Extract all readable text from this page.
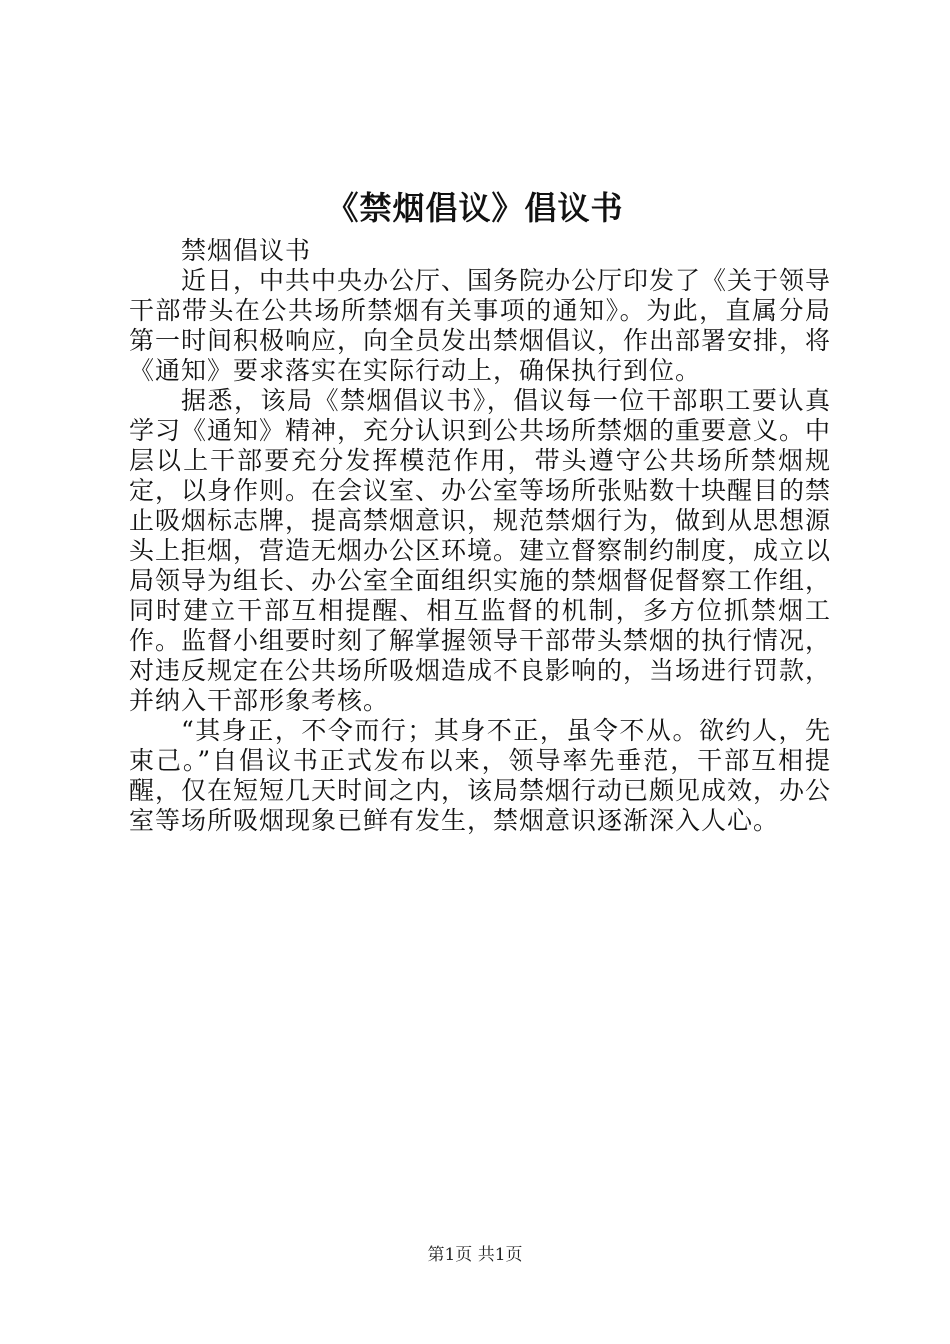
《禁烟倡议》倡议书

禁烟倡议书

近日，中共中央办公厅、国务院办公厅印发了《关于领导干部带头在公共场所禁烟有关事项的通知》。为此，直属分局第一时间积极响应，向全员发出禁烟倡议，作出部署安排，将《通知》要求落实在实际行动上，确保执行到位。

据悉，该局《禁烟倡议书》，倡议每一位干部职工要认真学习《通知》精神，充分认识到公共场所禁烟的重要意义。中层以上干部要充分发挥模范作用，带头遵守公共场所禁烟规定，以身作则。在会议室、办公室等场所张贴数十块醒目的禁止吸烟标志牌，提高禁烟意识，规范禁烟行为，做到从思想源头上拒烟，营造无烟办公区环境。建立督察制约制度，成立以局领导为组长、办公室全面组织实施的禁烟督促督察工作组，同时建立干部互相提醒、相互监督的机制，多方位抓禁烟工作。监督小组要时刻了解掌握领导干部带头禁烟的执行情况，对违反规定在公共场所吸烟造成不良影响的，当场进行罚款，并纳入干部形象考核。

“其身正，不令而行；其身不正，虽令不从。欲约人，先束己。”自倡议书正式发布以来，领导率先垂范，干部互相提醒，仅在短短几天时间之内，该局禁烟行动已颇见成效，办公室等场所吸烟现象已鲜有发生，禁烟意识逐渐深入人心。

第1页 共1页
